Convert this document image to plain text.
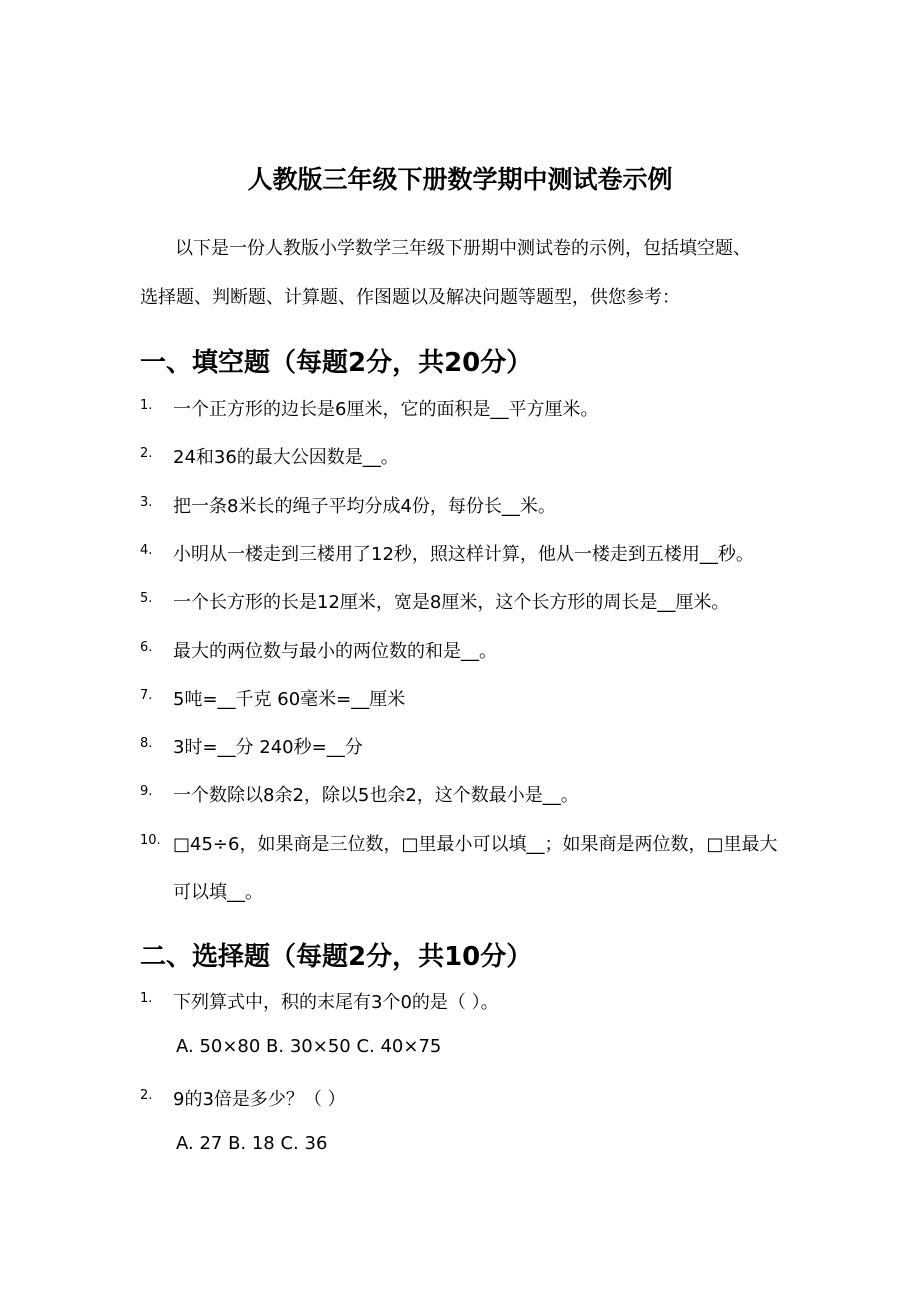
人教版三年级下册数学期中测试卷示例
以下是一份人教版小学数学三年级下册期中测试卷的示例，包括填空题、
选择题、判断题、计算题、作图题以及解决问题等题型，供您参考：
一、填空题（每题2分，共20分）
1. 一个正方形的边长是6厘米，它的面积是__平方厘米。
2. 24和36的最大公因数是__。
3. 把一条8米长的绳子平均分成4份，每份长__米。
4. 小明从一楼走到三楼用了12秒，照这样计算，他从一楼走到五楼用__秒。
5. 一个长方形的长是12厘米，宽是8厘米，这个长方形的周长是__厘米。
6. 最大的两位数与最小的两位数的和是__。
7. 5吨=__千克 60毫米=__厘米
8. 3时=__分 240秒=__分
9. 一个数除以8余2，除以5也余2，这个数最小是__。
10. □45÷6，如果商是三位数，□里最小可以填__；如果商是两位数，□里最大
可以填__。
二、选择题（每题2分，共10分）
1. 下列算式中，积的末尾有3个0的是（ ）。
A. 50×80 B. 30×50 C. 40×75
2. 9的3倍是多少？（ ）
A. 27 B. 18 C. 36
